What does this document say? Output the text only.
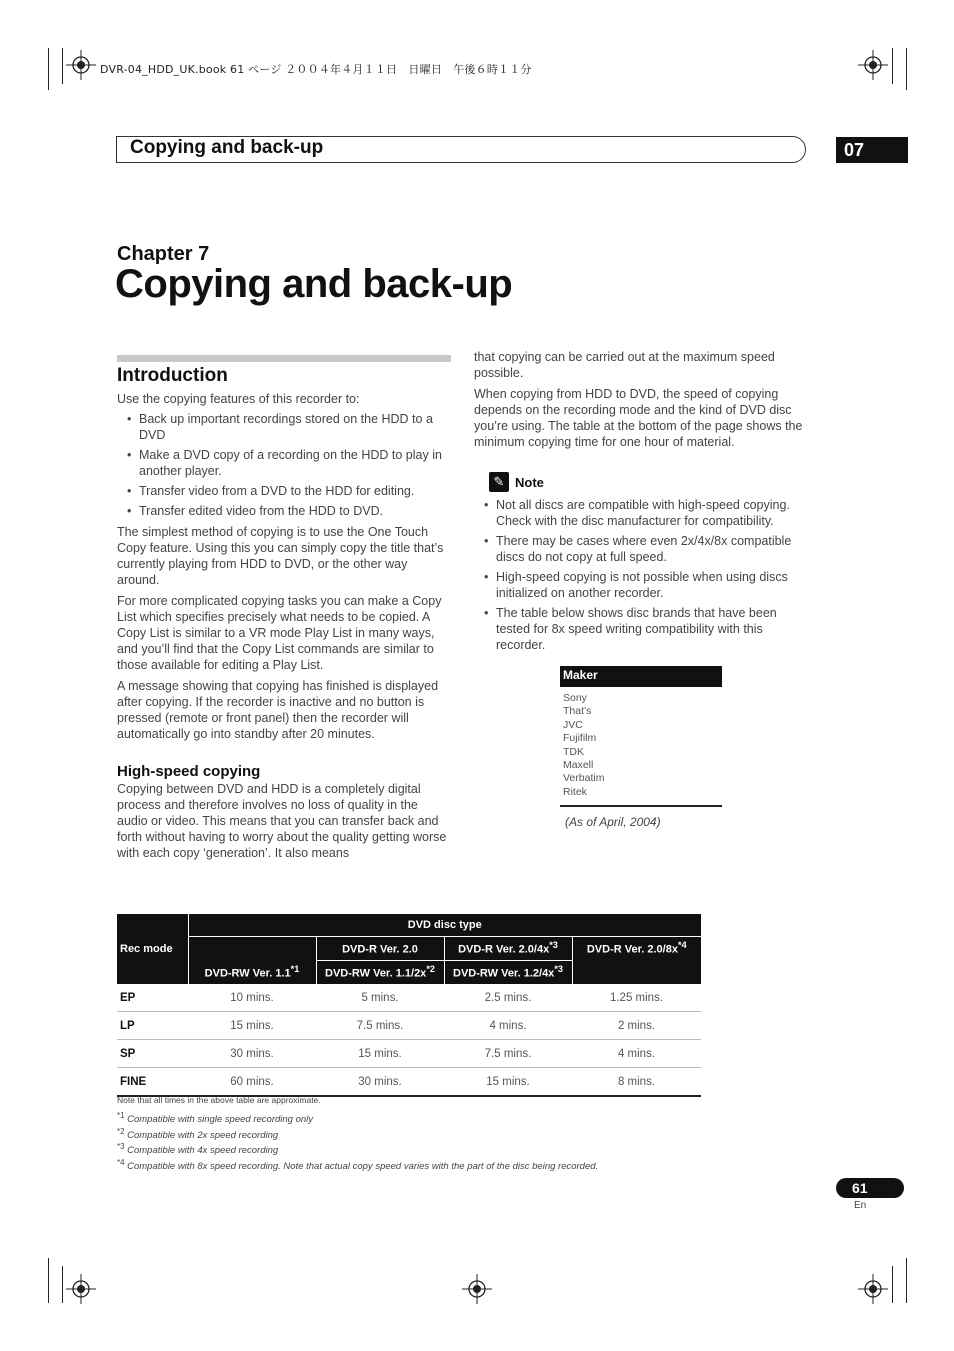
DVR-04_HDD_UK.book 61 ページ ２００４年４月１１日　日曜日　午後６時１１分
Copying and back-up	07
Chapter 7
Copying and back-up
Introduction

Use the copying features of this recorder to:

• Back up important recordings stored on the HDD to a DVD
• Make a DVD copy of a recording on the HDD to play in another player.
• Transfer video from a DVD to the HDD for editing.
• Transfer edited video from the HDD to DVD.

The simplest method of copying is to use the One Touch Copy feature. Using this you can simply copy the title that’s currently playing from HDD to DVD, or the other way around.

For more complicated copying tasks you can make a Copy List which specifies precisely what needs to be copied. A Copy List is similar to a VR mode Play List in many ways, and you’ll find that the Copy List commands are similar to those available for editing a Play List.

A message showing that copying has finished is displayed after copying. If the recorder is inactive and no button is pressed (remote or front panel) then the recorder will automatically go into standby after 20 minutes.

High-speed copying

Copying between DVD and HDD is a completely digital process and therefore involves no loss of quality in the audio or video. This means that you can transfer back and forth without having to worry about the quality getting worse with each copy ‘generation’. It also means

that copying can be carried out at the maximum speed possible.

When copying from HDD to DVD, the speed of copying depends on the recording mode and the kind of DVD disc you’re using. The table at the bottom of the page shows the minimum copying time for one hour of material.

✎ Note
• Not all discs are compatible with high-speed copying. Check with the disc manufacturer for compatibility.
• There may be cases where even 2x/4x/8x compatible discs do not copy at full speed.
• High-speed copying is not possible when using discs initialized on another recorder.
• The table below shows disc brands that have been tested for 8x speed writing compatibility with this recorder.
Maker
Sony
That’s
JVC
Fujifilm
TDK
Maxell
Verbatim
Ritek
(As of April, 2004)
Rec mode	DVD disc type			
		DVD-R Ver. 2.0	DVD-R Ver. $2.0/4x^{*3}$	DVD-R Ver. $2.0/8x^{*4}$
	DVD-RW Ver. 1.1$^{*1}$	DVD-RW Ver. $1.1/2x^{*2}$	DVD-RW Ver. $1.2/4x^{*3}$	
EP	10 mins.	5 mins.	2.5 mins.	1.25 mins.
LP	15 mins.	7.5 mins.	4 mins.	2 mins.
SP	30 mins.	15 mins.	7.5 mins.	4 mins.
FINE	60 mins.	30 mins.	15 mins.	8 mins.
Note that all times in the above table are approximate.
$^{*1}$ Compatible with single speed recording only
$^{*2}$ Compatible with 2x speed recording
$^{*3}$ Compatible with 4x speed recording
$^{*4}$ Compatible with 8x speed recording. Note that actual copy speed varies with the part of the disc being recorded.
61
En
